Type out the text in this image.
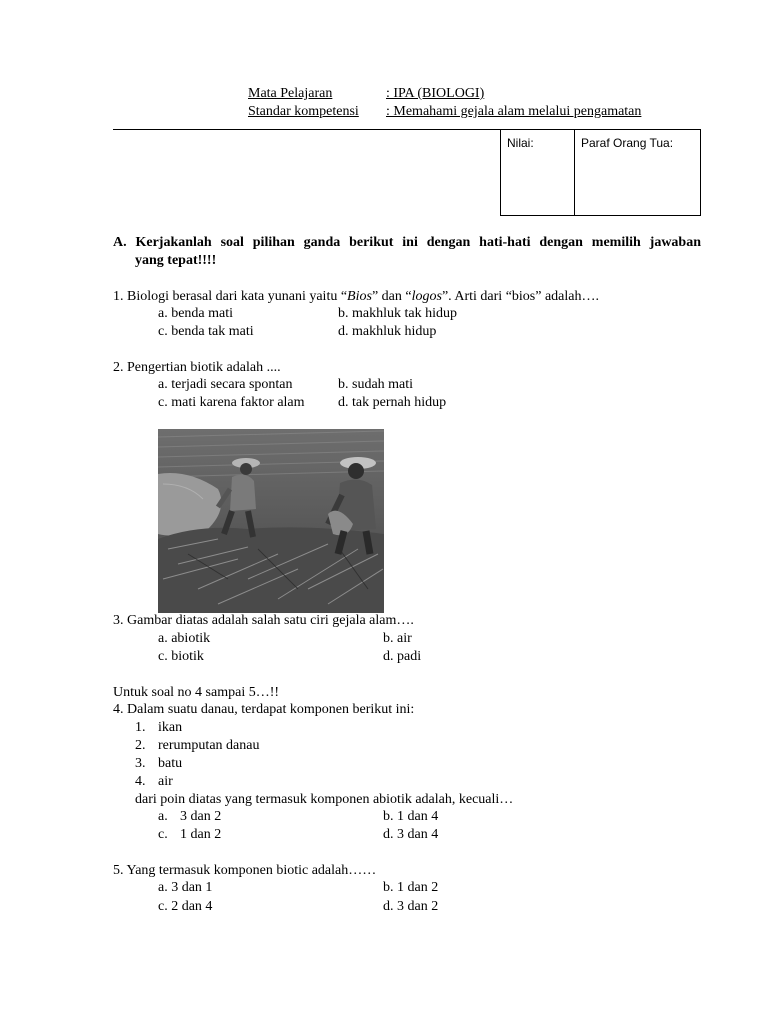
Mata Pelajaran	: IPA (BIOLOGI)
Standar kompetensi : Memahami gejala alam melalui pengamatan
Nilai:	Paraf Orang Tua:
A. Kerjakanlah soal pilihan ganda berikut ini dengan hati-hati dengan memilih jawaban
yang tepat!!!!
1. Biologi berasal dari kata yunani yaitu “Bios” dan “logos”. Arti dari “bios” adalah….
a. benda mati	b. makhluk tak hidup
c. benda tak mati	d. makhluk hidup
2. Pengertian biotik adalah ....
a. terjadi secara spontan	b. sudah mati
c. mati karena faktor alam d. tak pernah hidup
3. Gambar diatas adalah salah satu ciri gejala alam….
a. abiotik	b. air
c. biotik	d. padi
Untuk soal no 4 sampai 5…!!
4. Dalam suatu danau, terdapat komponen berikut ini:
1. ikan
2. rerumputan danau
3. batu
4. air
dari poin diatas yang termasuk komponen abiotik adalah, kecuali…
a. 3 dan 2	b. 1 dan 4
c. 1 dan 2	d. 3 dan 4
5. Yang termasuk komponen biotic adalah……
a. 3 dan 1	b. 1 dan 2
c. 2 dan 4	d. 3 dan 2
